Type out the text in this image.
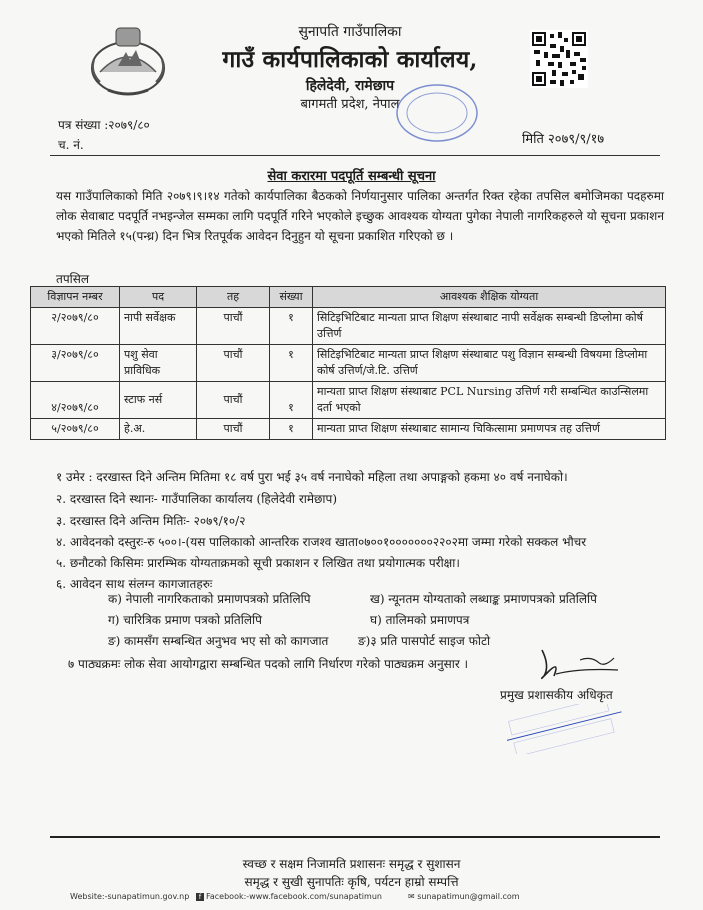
सुनापति गाउँपालिका
गाउँ कार्यपालिकाको कार्यालय,
हिलेदेवी, रामेछाप
बागमती प्रदेश, नेपाल
पत्र संख्या :२०७९/८०
च. नं.	मिति २०७९/९/१७
सेवा करारमा पदपूर्ति सम्बन्धी सूचना
यस गाउँपालिकाको मिति २०७९।९।१४ गतेको कार्यपालिका बैठकको निर्णयानुसार पालिका अन्तर्गत रिक्त रहेका तपसिल बमोजिमका पदहरुमा लोक सेवाबाट पदपूर्ति नभइन्जेल सम्मका लागि पदपूर्ति गरिने भएकोले इच्छुक आवश्यक योग्यता पुगेका नेपाली नागरिकहरुले यो सूचना प्रकाशन भएको मितिले १५(पन्ध्र) दिन भित्र रितपूर्वक आवेदन दिनुहुन यो सूचना प्रकाशित गरिएको छ ।
तपसिल
विज्ञापन नम्बर	पद	तह	संख्या	आवश्यक शैक्षिक योग्यता
२/२०७९/८०	नापी सर्वेक्षक	पाचौं	१	सिटिइभिटिबाट मान्यता प्राप्त शिक्षण संस्थाबाट नापी सर्वेक्षक सम्बन्धी डिप्लोमा कोर्ष उत्तिर्ण
३/२०७९/८०	पशु सेवा प्राविधिक	पाचौं	१	सिटिइभिटिबाट मान्यता प्राप्त शिक्षण संस्थाबाट पशु विज्ञान सम्बन्धी विषयमा डिप्लोमा कोर्ष उत्तिर्ण/जे.टि. उत्तिर्ण
४/२०७९/८०	स्टाफ नर्स	पाचौं	१	मान्यता प्राप्त शिक्षण संस्थाबाट PCL Nursing उत्तिर्ण गरी सम्बन्धित काउन्सिलमा दर्ता भएको
५/२०७९/८०	हे.अ.	पाचौं	१	मान्यता प्राप्त शिक्षण संस्थाबाट सामान्य चिकित्सामा प्रमाणपत्र तह उत्तिर्ण
१ उमेर : दरखास्त दिने अन्तिम मितिमा १८ वर्ष पुरा भई ३५ वर्ष ननाघेको महिला तथा अपाङ्गको हकमा ४० वर्ष ननाघेको।
२. दरखास्त दिने स्थानः- गाउँपालिका कार्यालय (हिलेदेवी रामेछाप)
३. दरखास्त दिने अन्तिम मितिः- २०७९/१०/२
४. आवेदनको दस्तुरः-रु ५००।-(यस पालिकाको आन्तरिक राजश्व खाता०७००१०००००००२२०२मा जम्मा गरेको सक्कल भौचर
५. छनौटको किसिमः प्रारम्भिक योग्यताक्रमको सूची प्रकाशन र लिखित तथा प्रयोगात्मक परीक्षा।
६. आवेदन साथ संलग्न कागजातहरुः
क) नेपाली नागरिकताको प्रमाणपत्रको प्रतिलिपि	ख) न्यूनतम योग्यताको लब्धाङ्क प्रमाणपत्रको प्रतिलिपि
ग) चारित्रिक प्रमाण पत्रको प्रतिलिपि	घ) तालिमको प्रमाणपत्र
ङ) कामसँग सम्बन्धित अनुभव भए सो को कागजात ङ)३ प्रति पासपोर्ट साइज फोटो
७ पाठ्यक्रमः लोक सेवा आयोगद्वारा सम्बन्धित पदको लागि निर्धारण गरेको पाठ्यक्रम अनुसार ।
प्रमुख प्रशासकीय अधिकृत
स्वच्छ र सक्षम निजामति प्रशासनः समृद्ध र सुशासन
समृद्ध र सुखी सुनापतिः कृषि, पर्यटन हाम्रो सम्पत्ति
Website:-sunapatimun.gov.np	f Facebook:-www.facebook.com/sunapatimun	✉ sunapatimun@gmail.com
